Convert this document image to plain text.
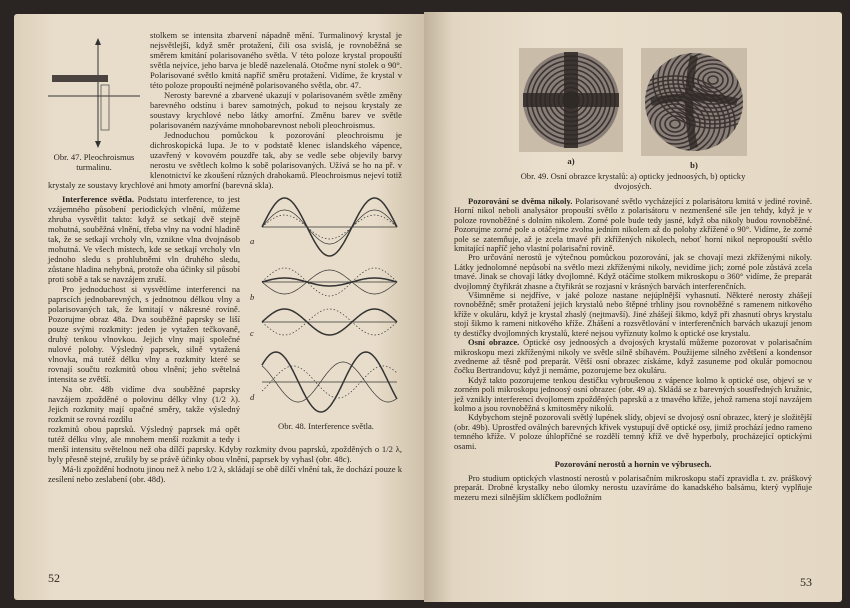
Obr. 47. Pleochroismus turmalinu.

stolkem se intensita zbarvení nápadně mění. Turmalinový krystal je nejsvětlejší, když směr protažení, čili osa svislá, je rovnoběžná se směrem kmitání polarisovaného světla. V této poloze krystal propouští světla nejvíce, jeho barva je bledě nazelenalá. Otočme nyní stolek o 90°. Polarisované světlo kmitá napříč směru protažení. Vidíme, že krystal v této poloze propouští nejméně polarisovaného světla, obr. 47.

Nerosty barevné a zbarvené ukazují v polarisovaném světle změny barevného odstínu i barev samotných, pokud to nejsou krystaly ze soustavy krychlové nebo látky amorfní. Změnu barev ve světle polarisovaném nazýváme mnohobarevnost neboli pleochroismus.

Jednoduchou pomůckou k pozorování pleochroismu je dichroskopická lupa. Je to v podstatě klenec islandského vápence, uzavřený v kovovém pouzdře tak, aby se vedle sebe objevily barvy nerostu ve světlech kolmo k sobě polarisovaných. Užívá se ho na př. v klenotnictví ke zkoušení různých drahokamů. Pleochroismus nejeví totiž krystaly ze soustavy krychlové ani hmoty amorfní (barevná skla).

a
b
c
d
Obr. 48. Interference světla.

Interference světla. Podstatu interference, to jest vzájemného působení periodických vlnění, můžeme zhruba vysvětlit takto: když se setkají dvě stejně mohutná, souběžná vlnění, třeba vlny na vodní hladině tak, že se setkají vrcholy vln, vznikne vlna dvojnásob mohutná. Ve všech místech, kde se setkají vrcholy vln jednoho sledu s prohlubněmi vln druhého sledu, zůstane hladina nehybná, protože oba účinky sil působí proti sobě a tak se navzájem zruší.

Pro jednoduchost si vysvětlíme interferenci na paprscích jednobarevných, s jednotnou délkou vlny a polarisovaných tak, že kmitají v nákresné rovině. Pozorujme obraz 48a. Dva souběžné paprsky se liší pouze svými rozkmity: jeden je vytažen tečkovaně, druhý tenkou vlnovkou. Jejich vlny mají společné nulové polohy. Výsledný paprsek, silně vytažená vlnovka, má tutéž délku vlny a rozkmity které se rovnají součtu rozkmitů obou vlnění; jeho světelná intensita se zvětší.

Na obr. 48b vidíme dva souběžné paprsky navzájem zpožděné o polovinu délky vlny (1/2 λ). Jejich rozkmity mají opačné směry, takže výsledný rozkmit se rovná rozdílu

rozkmitů obou paprsků. Výsledný paprsek má opět tutéž délku vlny, ale mnohem menší rozkmit a tedy i menší intensitu světelnou než oba dílčí paprsky. Kdyby rozkmity dvou paprsků, zpožděných o 1/2 λ, byly přesně stejné, zrušily by se právě účinky obou vlnění, paprsek by vyhasl (obr. 48c).

Má-li zpoždění hodnotu jinou než λ nebo 1/2 λ, skládají se obě dílčí vlnění tak, že dochází pouze k zesílení nebo zeslabení (obr. 48d).

52
a)	b)
Obr. 49. Osní obrazce krystalů: a) opticky jednoosých, b) opticky dvojosých.

Pozorování se dvěma nikoly. Polarisované světlo vycházející z polarisátoru kmitá v jediné rovině. Horní nikol neboli analysátor propouští světlo z polarisátoru v nezmenšené síle jen tehdy, když je v poloze rovnoběžné s dolním nikolem. Zorné pole bude tedy jasné, když oba nikoly budou rovnoběžné. Pozorujme zorné pole a otáčejme zvolna jedním nikolem až do polohy zkřížené o 90°. Vidíme, že zorné pole se zatemňuje, až je zcela tmavé při zkřížených nikolech, neboť horní nikol nepropouští světlo kmitající napříč jeho vlastní polarisační rovině.

Pro určování nerostů je výtečnou pomůckou pozorování, jak se chovají mezi zkříženými nikoly. Látky jednolomné nepůsobí na světlo mezi zkříženými nikoly, nevidíme jich; zorné pole zůstává zcela tmavé. Jinak se chovají látky dvojlomné. Když otáčíme stolkem mikroskopu o 360° vidíme, že preparát dvojlomný čtyřikrát zhasne a čtyřikrát se rozjasní v krásných barvách interferenčních.

Všimněme si nejdříve, v jaké poloze nastane nejúplnější vyhasnutí. Některé nerosty zhášejí rovnoběžně; směr protažení jejich krystalů nebo štěpné trhliny jsou rovnoběžné s ramenem nitkového kříže v okuláru, když je krystal zhaslý (nejtmavší). Jiné zhášejí šikmo, když při zhasnutí obrys krystalu stojí šikmo k rameni nitkového kříže. Zhášení a rozsvětlování v interferenčních barvách ukazují jenom ty destičky dvojlomných krystalů, které nejsou vyříznuty kolmo k optické ose krystalu.

Osní obrazce. Optické osy jednoosých a dvojosých krystalů můžeme pozorovat v polarisačním mikroskopu mezi zkříženými nikoly ve světle silně sbíhavém. Použijeme silného zvětšení a kondensor zvedneme až těsně pod preparát. Větší osní obrazec získáme, když zasuneme pod okulár pomocnou čočku Bertrandovu; když ji nemáme, pozorujeme bez okuláru.

Když takto pozorujeme tenkou destičku vybroušenou z vápence kolmo k optické ose, objeví se v zorném poli mikroskopu jednoosý osní obrazec (obr. 49 a). Skládá se z barevných soustředných kružnic, jež vznikly interferencí dvojlomem zpožděných paprsků a z tmavého kříže, jehož ramena stojí navzájem kolmo a jsou rovnoběžná s kmitosměry nikolů.

Kdybychom stejně pozorovali světlý lupének slídy, objeví se dvojosý osní obrazec, který je složitější (obr. 49b). Uprostřed oválných barevných křivek vystupují dvě optické osy, jimiž prochází jedno rameno temného kříže. V poloze úhlopříčné se rozdělí temný kříž ve dvě hyperboly, procházející optickými osami.

Pozorování nerostů a hornin ve výbrusech.

Pro studium optických vlastností nerostů v polarisačním mikroskopu stačí zpravidla t. zv. práškový preparát. Drobné krystalky nebo úlomky nerostu uzavíráme do kanadského balsámu, který vyplňuje mezeru mezi silnějším sklíčkem podložním

53
